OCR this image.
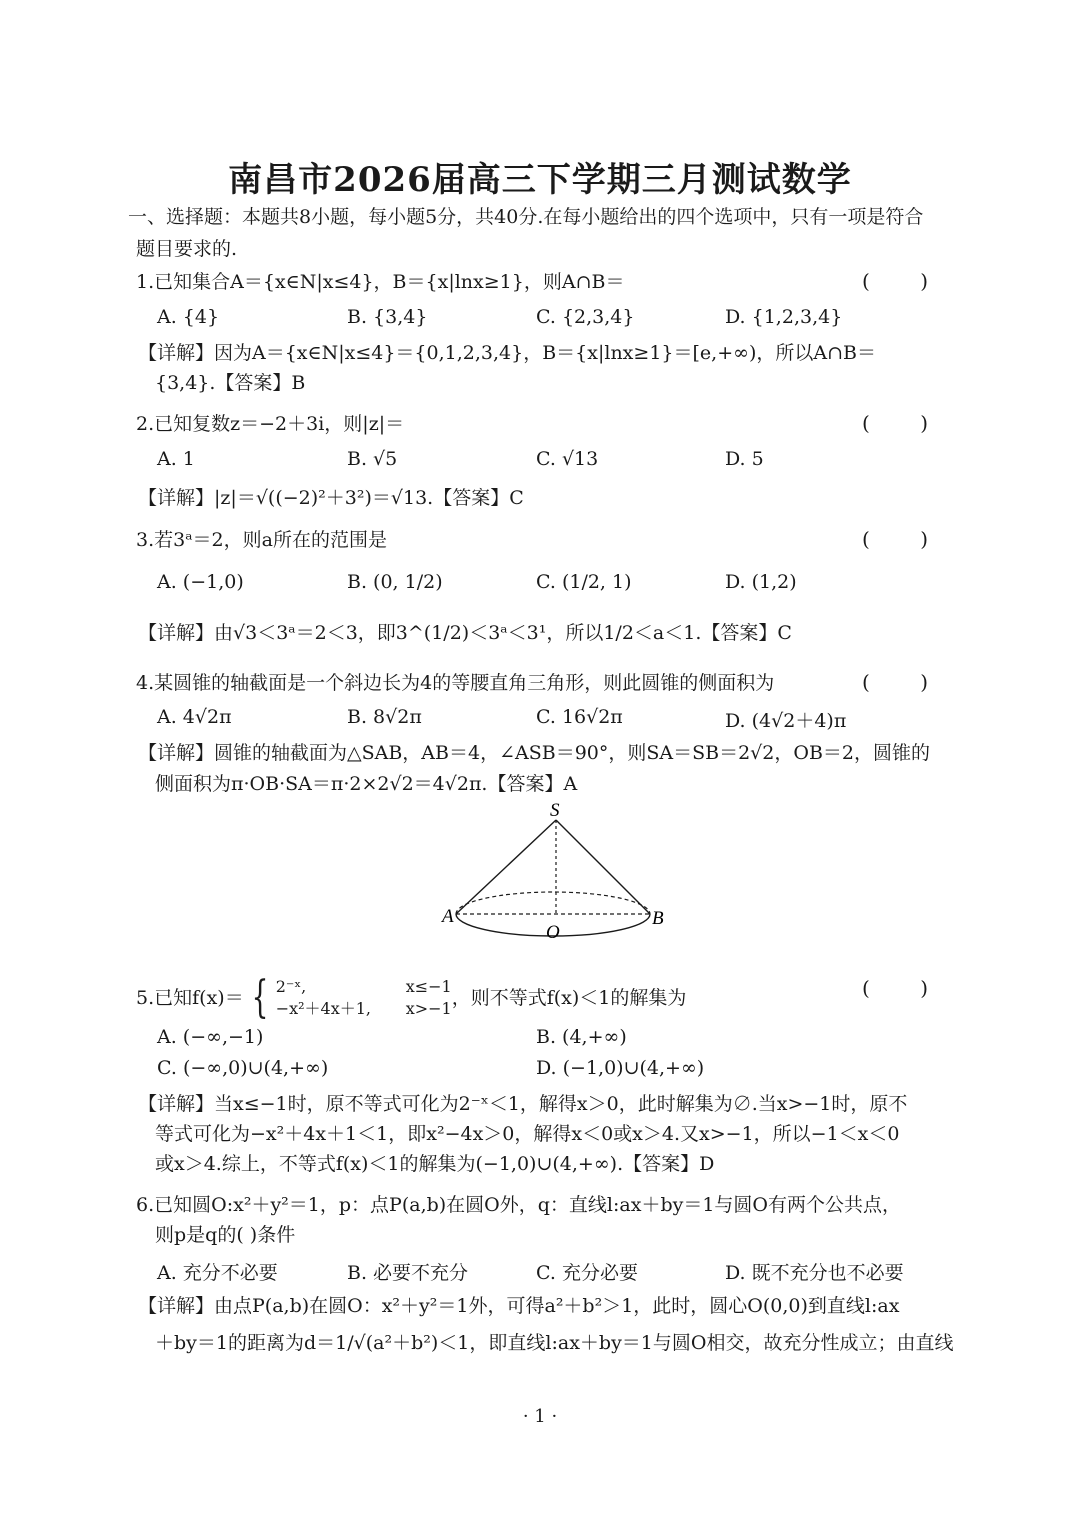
南昌市2026届高三下学期三月测试数学
一、选择题：本题共8小题，每小题5分，共40分.在每小题给出的四个选项中，只有一项是符合
题目要求的.
1.已知集合A＝{x∈N|x≤4}，B＝{x|lnx≥1}，则A∩B＝	( )
A. {4}	B. {3,4}	C. {2,3,4}	D. {1,2,3,4}
【详解】因为A＝{x∈N|x≤4}＝{0,1,2,3,4}，B＝{x|lnx≥1}＝[e,+∞)，所以A∩B＝
{3,4}.【答案】B
2.已知复数z＝−2＋3i，则|z|＝	( )
A. 1	B. √5	C. √13	D. 5
【详解】|z|＝√((−2)²＋3²)＝√13.【答案】C
3.若3ᵃ＝2，则a所在的范围是	( )
A. (−1,0)	B. (0, 1/2)	C. (1/2, 1)	D. (1,2)
【详解】由√3＜3ᵃ＝2＜3，即3^(1/2)＜3ᵃ＜3¹，所以1/2＜a＜1.【答案】C
4.某圆锥的轴截面是一个斜边长为4的等腰直角三角形，则此圆锥的侧面积为	( )
A. 4√2π	B. 8√2π	C. 16√2π	D. (4√2＋4)π
【详解】圆锥的轴截面为△SAB，AB＝4，∠ASB＝90°，则SA＝SB＝2√2，OB＝2，圆锥的
侧面积为π·OB·SA＝π·2×2√2＝4√2π.【答案】A
S
A	B
O
5.已知f(x)＝ { 2⁻ˣ,	x≤−1
−x²＋4x＋1, x>−1 ，则不等式f(x)＜1的解集为	( )
A. (−∞,−1)	B. (4,+∞)
C. (−∞,0)∪(4,+∞)	D. (−1,0)∪(4,+∞)
【详解】当x≤−1时，原不等式可化为2⁻ˣ＜1，解得x＞0，此时解集为∅.当x>−1时，原不
等式可化为−x²＋4x＋1＜1，即x²−4x＞0，解得x＜0或x＞4.又x>−1，所以−1＜x＜0
或x＞4.综上，不等式f(x)＜1的解集为(−1,0)∪(4,+∞).【答案】D
6.已知圆O:x²＋y²＝1，p：点P(a,b)在圆O外，q：直线l:ax＋by＝1与圆O有两个公共点，
则p是q的( )条件
A. 充分不必要	B. 必要不充分	C. 充分必要	D. 既不充分也不必要
【详解】由点P(a,b)在圆O：x²＋y²＝1外，可得a²＋b²＞1，此时，圆心O(0,0)到直线l:ax
＋by＝1的距离为d＝1/√(a²＋b²)＜1，即直线l:ax＋by＝1与圆O相交，故充分性成立；由直线
· 1 ·
